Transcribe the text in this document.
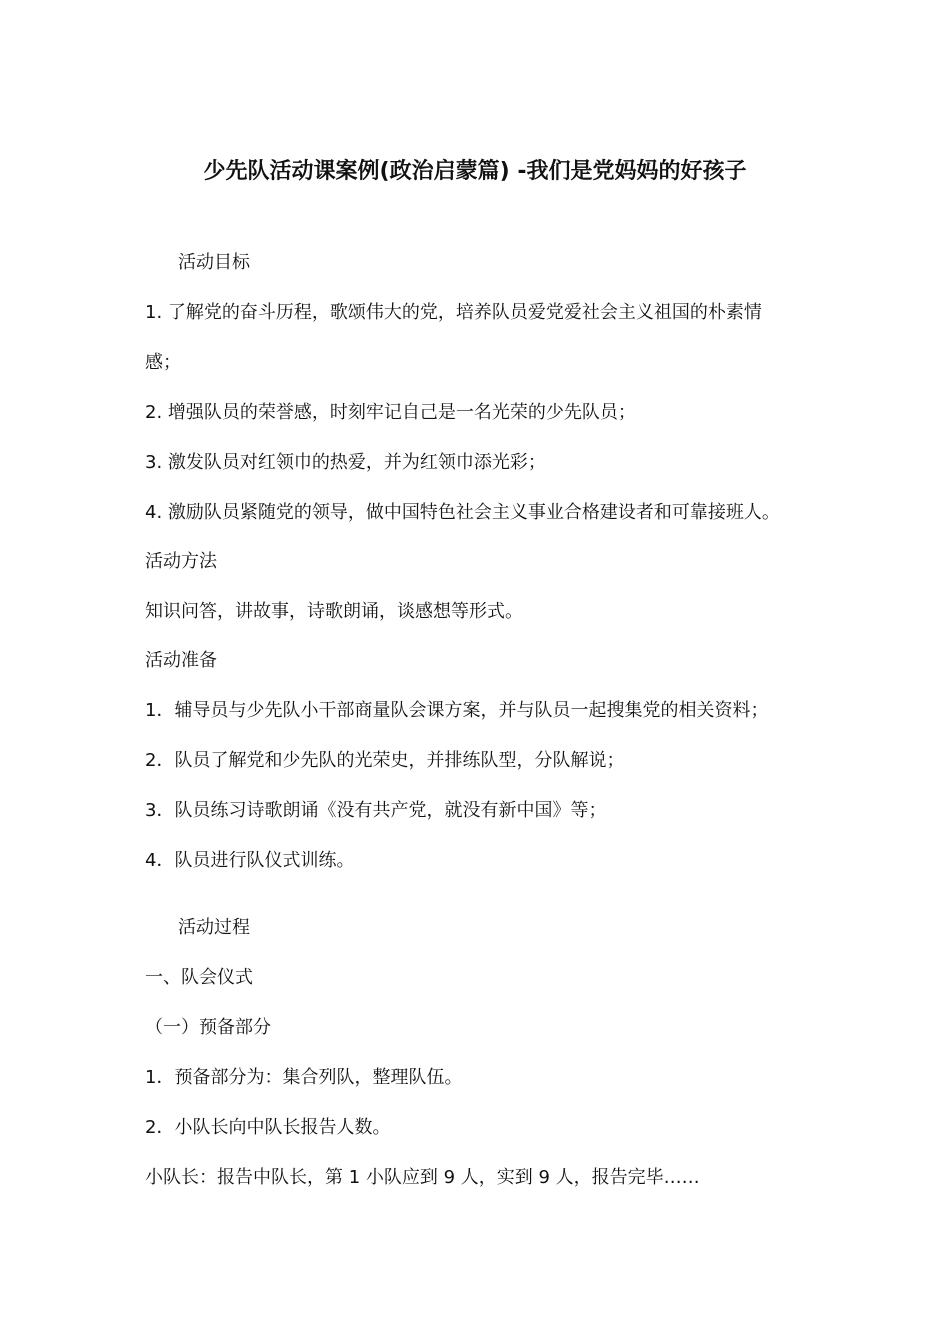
少先队活动课案例(政治启蒙篇) -我们是党妈妈的好孩子
活动目标
1. 了解党的奋斗历程，歌颂伟大的党，培养队员爱党爱社会主义祖国的朴素情
感；
2. 增强队员的荣誉感，时刻牢记自己是一名光荣的少先队员；
3. 激发队员对红领巾的热爱，并为红领巾添光彩；
4. 激励队员紧随党的领导，做中国特色社会主义事业合格建设者和可靠接班人。
活动方法
知识问答，讲故事，诗歌朗诵，谈感想等形式。
活动准备
1．辅导员与少先队小干部商量队会课方案，并与队员一起搜集党的相关资料；
2．队员了解党和少先队的光荣史，并排练队型，分队解说；
3．队员练习诗歌朗诵《没有共产党，就没有新中国》等；
4．队员进行队仪式训练。
活动过程
一、队会仪式
（一）预备部分
1．预备部分为：集合列队，整理队伍。
2．小队长向中队长报告人数。
小队长：报告中队长，第 1 小队应到 9 人，实到 9 人，报告完毕……
